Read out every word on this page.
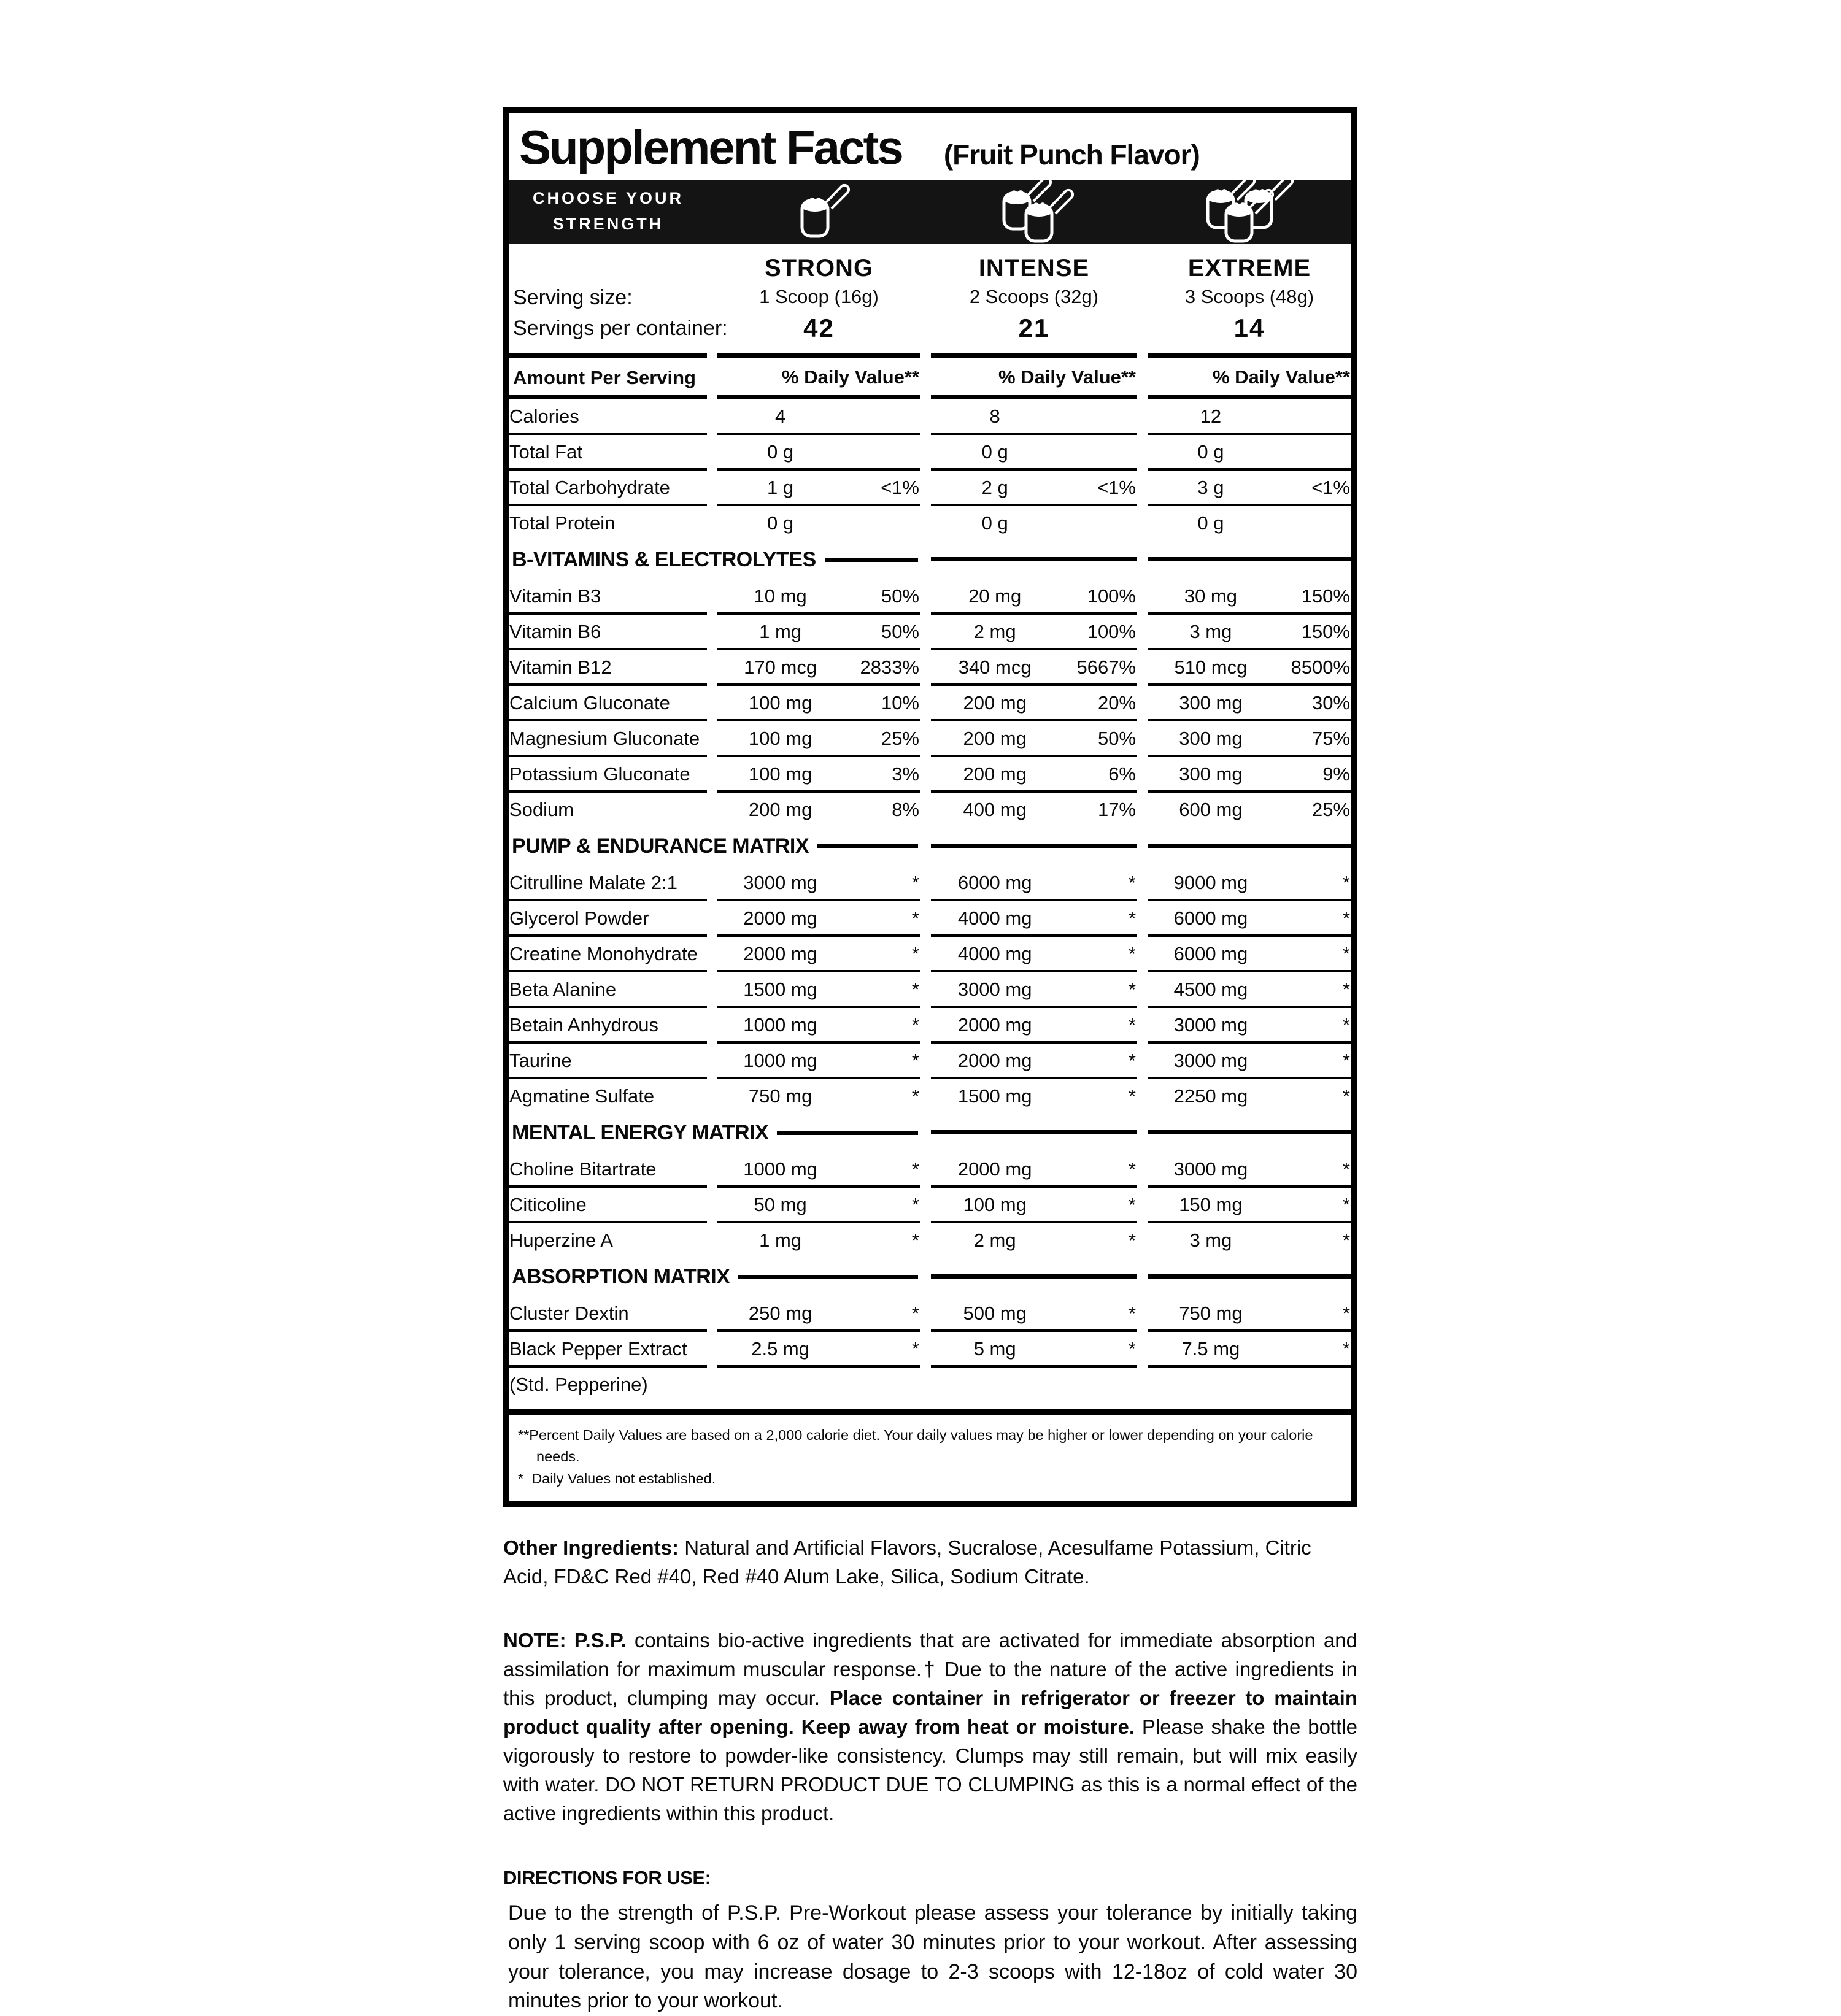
Supplement Facts (Fruit Punch Flavor)
CHOOSE YOUR
STRENGTH
STRONG	INTENSE	EXTREME
Serving size:	1 Scoop (16g)	2 Scoops (32g)	3 Scoops (48g)
Servings per container:	42	21	14
Amount Per Serving	% Daily Value**	% Daily Value**	% Daily Value**
Calories	4	8	12
Total Fat	0 g	0 g	0 g
Total Carbohydrate	1 g	<1%	2 g	<1%	3 g	<1%
Total Protein	0 g	0 g	0 g
B-VITAMINS & ELECTROLYTES
Vitamin B3	10 mg	50%	20 mg	100%	30 mg	150%
Vitamin B6	1 mg	50%	2 mg	100%	3 mg	150%
Vitamin B12	170 mcg	2833%	340 mcg	5667%	510 mcg	8500%
Calcium Gluconate	100 mg	10%	200 mg	20%	300 mg	30%
Magnesium Gluconate	100 mg	25%	200 mg	50%	300 mg	75%
Potassium Gluconate	100 mg	3%	200 mg	6%	300 mg	9%
Sodium	200 mg	8%	400 mg	17%	600 mg	25%
PUMP & ENDURANCE MATRIX
Citrulline Malate 2:1	3000 mg	*	6000 mg	*	9000 mg	*
Glycerol Powder	2000 mg	*	4000 mg	*	6000 mg	*
Creatine Monohydrate	2000 mg	*	4000 mg	*	6000 mg	*
Beta Alanine	1500 mg	*	3000 mg	*	4500 mg	*
Betain Anhydrous	1000 mg	*	2000 mg	*	3000 mg	*
Taurine	1000 mg	*	2000 mg	*	3000 mg	*
Agmatine Sulfate	750 mg	*	1500 mg	*	2250 mg	*
MENTAL ENERGY MATRIX
Choline Bitartrate	1000 mg	*	2000 mg	*	3000 mg	*
Citicoline	50 mg	*	100 mg	*	150 mg	*
Huperzine A	1 mg	*	2 mg	*	3 mg	*
ABSORPTION MATRIX
Cluster Dextin	250 mg	*	500 mg	*	750 mg	*
Black Pepper Extract	2.5 mg	*	5 mg	*	7.5 mg	*
(Std. Pepperine)
**Percent Daily Values are based on a 2,000 calorie diet. Your daily values may be higher or lower depending on your calorie needs.
*  Daily Values not established.
Other Ingredients: Natural and Artificial Flavors, Sucralose, Acesulfame Potassium, Citric Acid, FD&C Red #40, Red #40 Alum Lake, Silica, Sodium Citrate.
NOTE: P.S.P. contains bio-active ingredients that are activated for immediate absorption and assimilation for maximum muscular response.† Due to the nature of the active ingredients in this product, clumping may occur. Place container in refrigerator or freezer to maintain product quality after opening. Keep away from heat or moisture. Please shake the bottle vigorously to restore to powder-like consistency. Clumps may still remain, but will mix easily with water. DO NOT RETURN PRODUCT DUE TO CLUMPING as this is a normal effect of the active ingredients within this product.
DIRECTIONS FOR USE:
Due to the strength of P.S.P. Pre-Workout please assess your tolerance by initially taking only 1 serving scoop with 6 oz of water 30 minutes prior to your workout. After assessing your tolerance, you may increase dosage to 2-3 scoops with 12-18oz of cold water 30 minutes prior to your workout.
